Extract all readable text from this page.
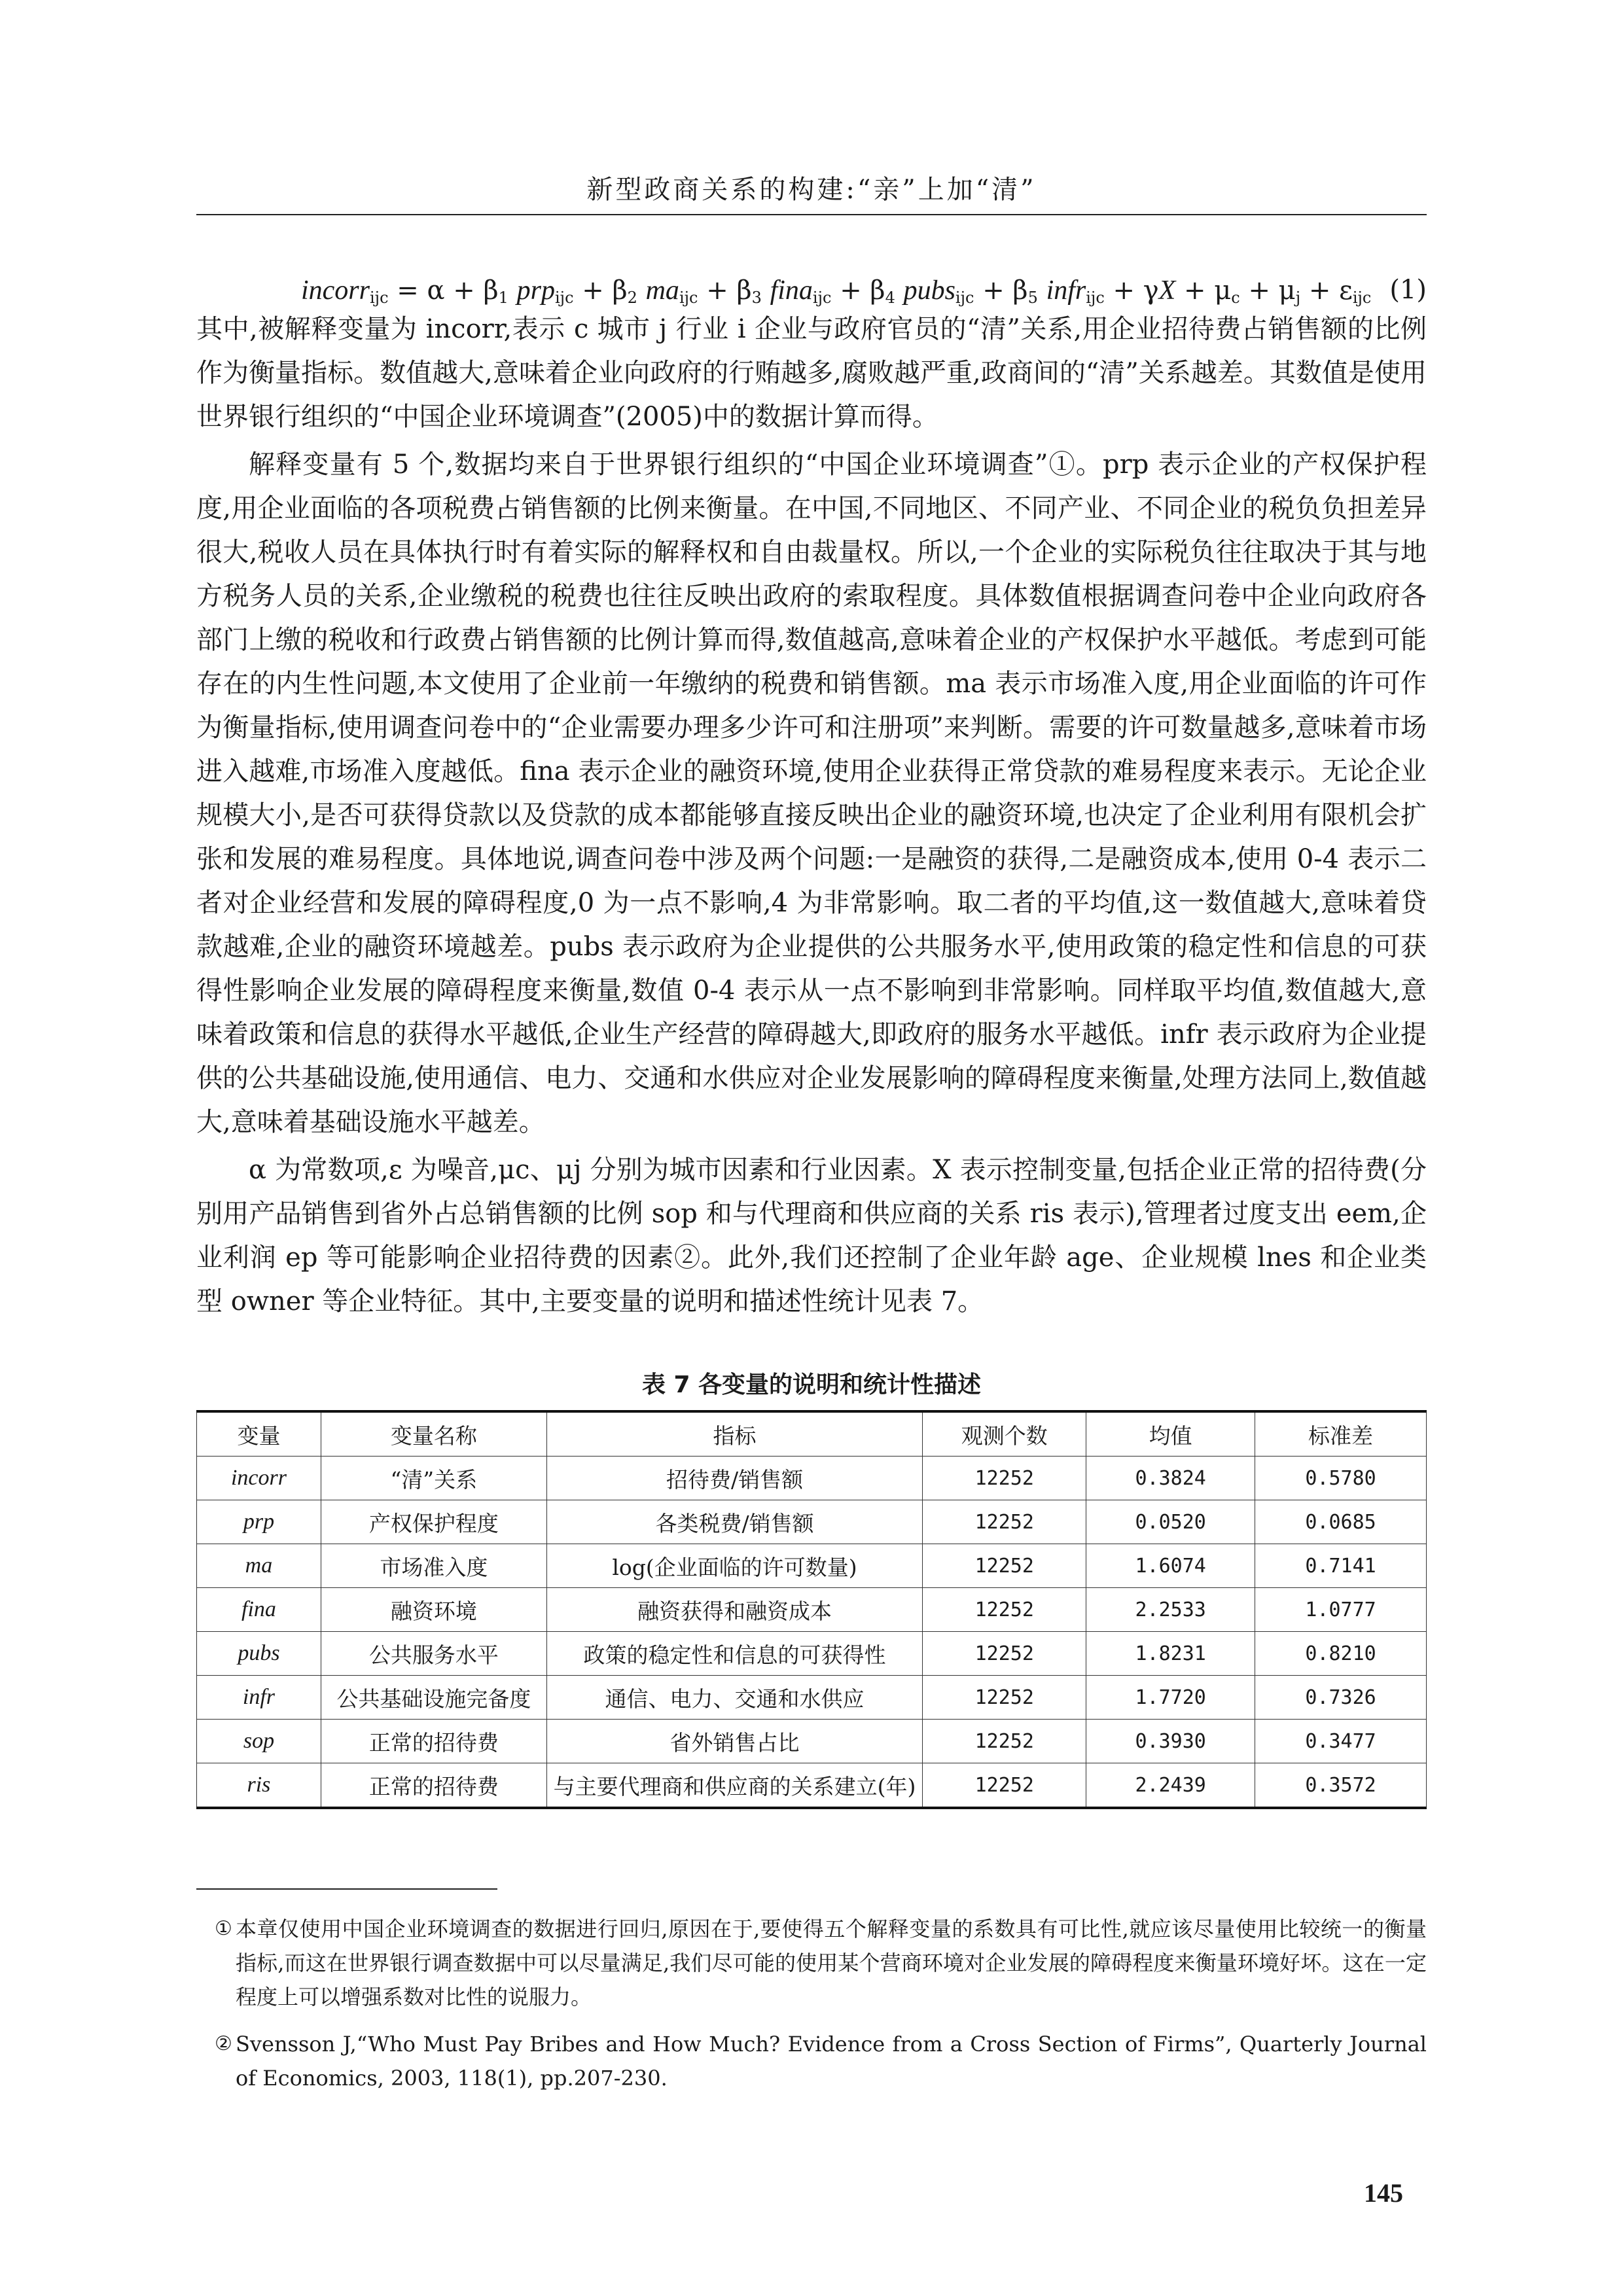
新型政商关系的构建:“亲”上加“清”
incorr$_{ijc}$ = $\alpha + \beta_1$ $prp_{ijc} + \beta_2$ $ma_{ijc} + \beta_3$ fina$_{ijc}$ + $\beta_4$ pubs$_{ijc}$ + $\beta_5$ infr$_{ijc}$ + $\gamma X + \mu_c + \mu_j + \varepsilon_{ijc}$ (1)

其中,被解释变量为 incorr,表示 c 城市 j 行业 i 企业与政府官员的“清”关系,用企业招待费占销售额的比例作为衡量指标。数值越大,意味着企业向政府的行贿越多,腐败越严重,政商间的“清”关系越差。其数值是使用世界银行组织的“中国企业环境调查”(2005)中的数据计算而得。

解释变量有 5 个,数据均来自于世界银行组织的“中国企业环境调查”①。prp 表示企业的产权保护程度,用企业面临的各项税费占销售额的比例来衡量。在中国,不同地区、不同产业、不同企业的税负负担差异很大,税收人员在具体执行时有着实际的解释权和自由裁量权。所以,一个企业的实际税负往往取决于其与地方税务人员的关系,企业缴税的税费也往往反映出政府的索取程度。具体数值根据调查问卷中企业向政府各部门上缴的税收和行政费占销售额的比例计算而得,数值越高,意味着企业的产权保护水平越低。考虑到可能存在的内生性问题,本文使用了企业前一年缴纳的税费和销售额。ma 表示市场准入度,用企业面临的许可作为衡量指标,使用调查问卷中的“企业需要办理多少许可和注册项”来判断。需要的许可数量越多,意味着市场进入越难,市场准入度越低。fina 表示企业的融资环境,使用企业获得正常贷款的难易程度来表示。无论企业规模大小,是否可获得贷款以及贷款的成本都能够直接反映出企业的融资环境,也决定了企业利用有限机会扩张和发展的难易程度。具体地说,调查问卷中涉及两个问题:一是融资的获得,二是融资成本,使用 0-4 表示二者对企业经营和发展的障碍程度,0 为一点不影响,4 为非常影响。取二者的平均值,这一数值越大,意味着贷款越难,企业的融资环境越差。pubs 表示政府为企业提供的公共服务水平,使用政策的稳定性和信息的可获得性影响企业发展的障碍程度来衡量,数值 0-4 表示从一点不影响到非常影响。同样取平均值,数值越大,意味着政策和信息的获得水平越低,企业生产经营的障碍越大,即政府的服务水平越低。infr 表示政府为企业提供的公共基础设施,使用通信、电力、交通和水供应对企业发展影响的障碍程度来衡量,处理方法同上,数值越大,意味着基础设施水平越差。

α 为常数项,ε 为噪音,μc、μj 分别为城市因素和行业因素。X 表示控制变量,包括企业正常的招待费(分别用产品销售到省外占总销售额的比例 sop 和与代理商和供应商的关系 ris 表示),管理者过度支出 eem,企业利润 ep 等可能影响企业招待费的因素②。此外,我们还控制了企业年龄 age、企业规模 lnes 和企业类型 owner 等企业特征。其中,主要变量的说明和描述性统计见表 7。

表 7 各变量的说明和统计性描述
变量	变量名称	指标	观测个数	均值	标准差
incorr	“清”关系	招待费/销售额	12252	0.3824	0.5780
prp	产权保护程度	各类税费/销售额	12252	0.0520	0.0685
ma	市场准入度	log(企业面临的许可数量)	12252	1.6074	0.7141
fina	融资环境	融资获得和融资成本	12252	2.2533	1.0777
pubs	公共服务水平	政策的稳定性和信息的可获得性	12252	1.8231	0.8210
infr	公共基础设施完备度	通信、电力、交通和水供应	12252	1.7720	0.7326
sop	正常的招待费	省外销售占比	12252	0.3930	0.3477
ris	正常的招待费	与主要代理商和供应商的关系建立(年)	12252	2.2439	0.3572
① 本章仅使用中国企业环境调查的数据进行回归,原因在于,要使得五个解释变量的系数具有可比性,就应该尽量使用比较统一的衡量指标,而这在世界银行调查数据中可以尽量满足,我们尽可能的使用某个营商环境对企业发展的障碍程度来衡量环境好坏。这在一定程度上可以增强系数对比性的说服力。
② Svensson J,“Who Must Pay Bribes and How Much? Evidence from a Cross Section of Firms”, Quarterly Journal of Economics, 2003, 118(1), pp.207-230.
145
